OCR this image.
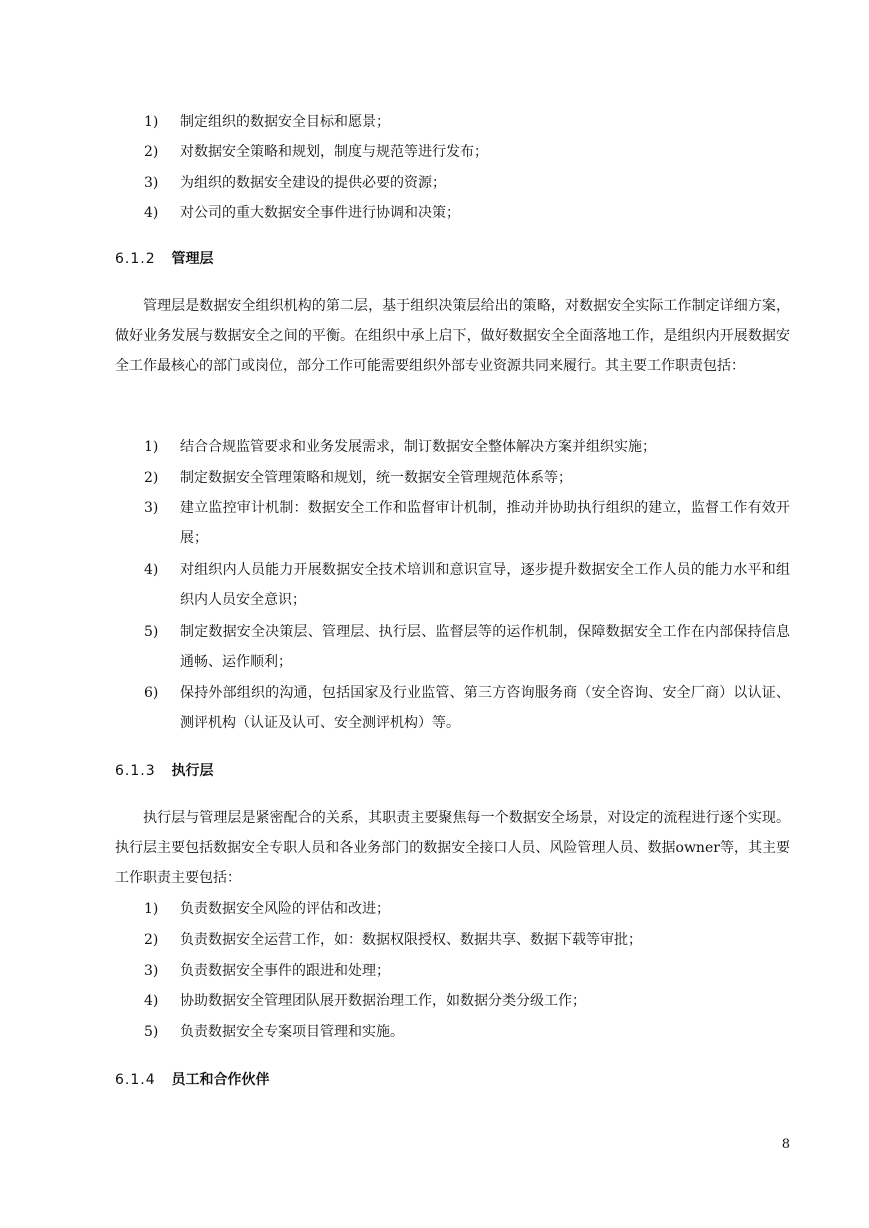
1)	制定组织的数据安全目标和愿景；
2)	对数据安全策略和规划，制度与规范等进行发布；
3)	为组织的数据安全建设的提供必要的资源；
4)	对公司的重大数据安全事件进行协调和决策；
6.1.2 管理层
管理层是数据安全组织机构的第二层，基于组织决策层给出的策略，对数据安全实际工作制定详细方案，做好业务发展与数据安全之间的平衡。在组织中承上启下，做好数据安全全面落地工作，是组织内开展数据安全工作最核心的部门或岗位，部分工作可能需要组织外部专业资源共同来履行。其主要工作职责包括：
1)	结合合规监管要求和业务发展需求，制订数据安全整体解决方案并组织实施；
2)	制定数据安全管理策略和规划，统一数据安全管理规范体系等；
3)	建立监控审计机制：数据安全工作和监督审计机制，推动并协助执行组织的建立，监督工作有效开展；
4)	对组织内人员能力开展数据安全技术培训和意识宣导，逐步提升数据安全工作人员的能力水平和组织内人员安全意识；
5)	制定数据安全决策层、管理层、执行层、监督层等的运作机制，保障数据安全工作在内部保持信息通畅、运作顺利；
6)	保持外部组织的沟通，包括国家及行业监管、第三方咨询服务商（安全咨询、安全厂商）以认证、测评机构（认证及认可、安全测评机构）等。
6.1.3 执行层
执行层与管理层是紧密配合的关系，其职责主要聚焦每一个数据安全场景，对设定的流程进行逐个实现。执行层主要包括数据安全专职人员和各业务部门的数据安全接口人员、风险管理人员、数据owner等，其主要工作职责主要包括：
1)	负责数据安全风险的评估和改进；
2)	负责数据安全运营工作，如：数据权限授权、数据共享、数据下载等审批；
3)	负责数据安全事件的跟进和处理；
4)	协助数据安全管理团队展开数据治理工作，如数据分类分级工作；
5)	负责数据安全专案项目管理和实施。
6.1.4 员工和合作伙伴
8
